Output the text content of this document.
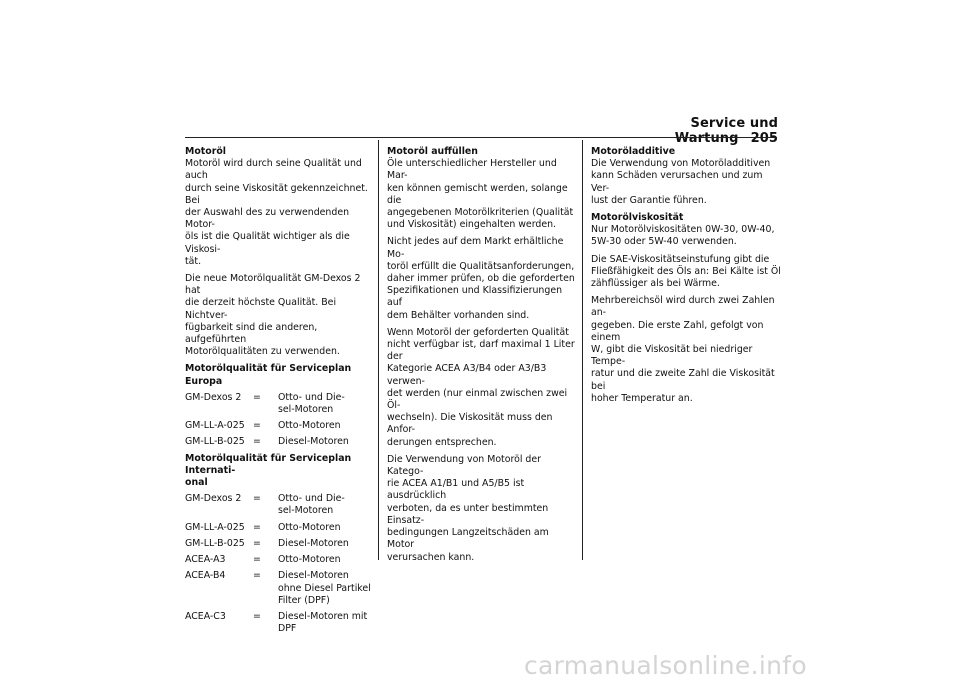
Service und Wartung 205
Motoröl

Motoröl wird durch seine Qualität und auch
durch seine Viskosität gekennzeichnet. Bei
der Auswahl des zu verwendenden Motor-
öls ist die Qualität wichtiger als die Viskosi-
tät.

Die neue Motorölqualität GM-Dexos 2 hat
die derzeit höchste Qualität. Bei Nichtver-
fügbarkeit sind die anderen, aufgeführten
Motorölqualitäten zu verwenden.

Motorölqualität für Serviceplan Europa
GM-Dexos 2	=	Otto- und Die-
sel-Motoren
GM-LL-A-025 =	Otto-Motoren
GM-LL-B-025 =	Diesel-Motoren
Motorölqualität für Serviceplan Internati-
onal
GM-Dexos 2	=	Otto- und Die-
sel-Motoren
GM-LL-A-025 =	Otto-Motoren
GM-LL-B-025 =	Diesel-Motoren
ACEA-A3	=	Otto-Motoren
ACEA-B4	=	Diesel-Motoren
ohne Diesel Partikel
Filter (DPF)
ACEA-C3	=	Diesel-Motoren mit
DPF
Motoröl auffüllen

Öle unterschiedlicher Hersteller und Mar-
ken können gemischt werden, solange die
angegebenen Motorölkriterien (Qualität
und Viskosität) eingehalten werden.

Nicht jedes auf dem Markt erhältliche Mo-
toröl erfüllt die Qualitätsanforderungen,
daher immer prüfen, ob die geforderten
Spezifikationen und Klassifizierungen auf
dem Behälter vorhanden sind.

Wenn Motoröl der geforderten Qualität
nicht verfügbar ist, darf maximal 1 Liter der
Kategorie ACEA A3/B4 oder A3/B3 verwen-
det werden (nur einmal zwischen zwei Öl-
wechseln). Die Viskosität muss den Anfor-
derungen entsprechen.

Die Verwendung von Motoröl der Katego-
rie ACEA A1/B1 und A5/B5 ist ausdrücklich
verboten, da es unter bestimmten Einsatz-
bedingungen Langzeitschäden am Motor
verursachen kann.

Motoröladditive

Die Verwendung von Motoröladditiven
kann Schäden verursachen und zum Ver-
lust der Garantie führen.

Motorölviskosität

Nur Motorölviskositäten 0W-30, 0W-40,
5W-30 oder 5W-40 verwenden.

Die SAE-Viskositätseinstufung gibt die
Fließfähigkeit des Öls an: Bei Kälte ist Öl
zähflüssiger als bei Wärme.

Mehrbereichsöl wird durch zwei Zahlen an-
gegeben. Die erste Zahl, gefolgt von einem
W, gibt die Viskosität bei niedriger Tempe-
ratur und die zweite Zahl die Viskosität bei
hoher Temperatur an.

carmanualsonline.info
